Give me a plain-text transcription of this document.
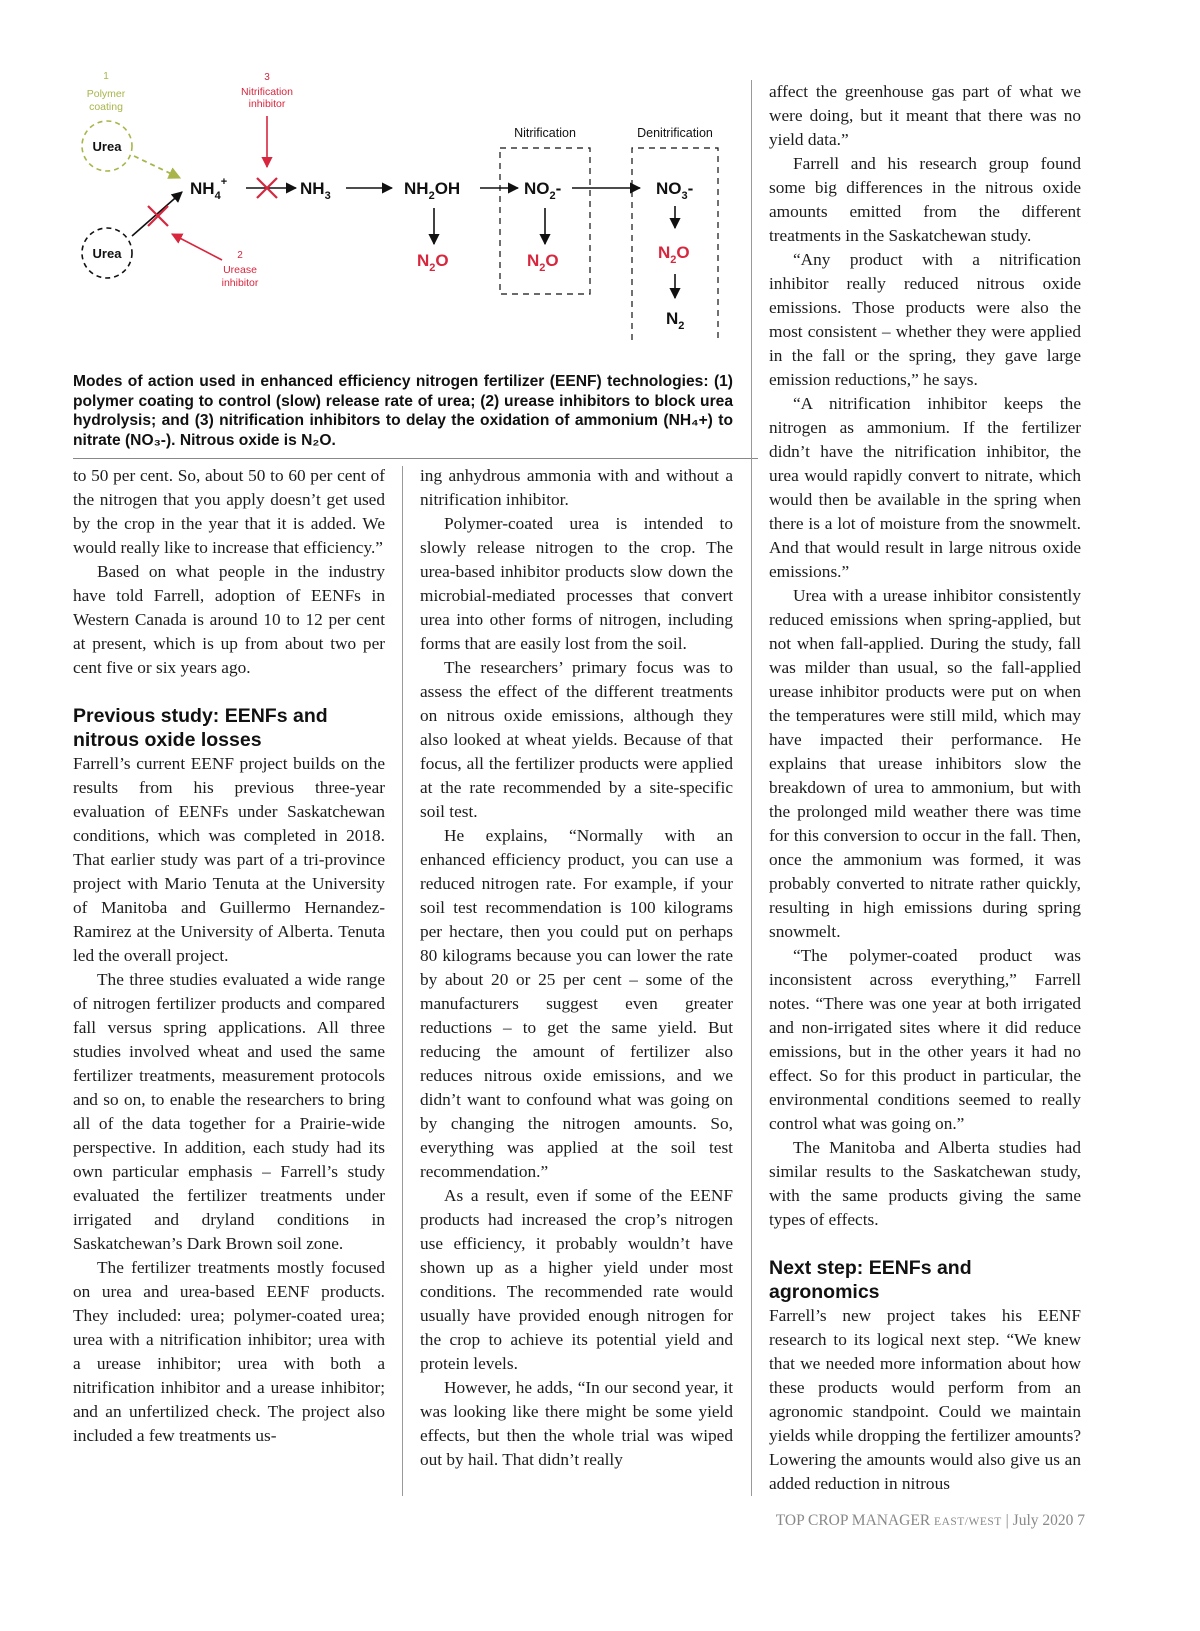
1
Polymer
coating
3
Nitrification
inhibitor
Urea
Urea	2
Urease
inhibitor
$NH_4^+$	$NH_3$	$NH_2OH$	$NO_2-$	$NO_3-$
Nitrification	Denitrification
$N_2O$	$N_2O$	$N_2O$
$N_2$
Modes of action used in enhanced efficiency nitrogen fertilizer (EENF) technologies: (1) polymer coating to control (slow) release rate of urea; (2) urease inhibitors to block urea hydrolysis; and (3) nitrification inhibitors to delay the oxidation of ammonium (NH₄+) to nitrate (NO₃-). Nitrous oxide is N₂O.

to 50 per cent. So, about 50 to 60 per cent of the nitrogen that you apply doesn’t get used by the crop in the year that it is added. We would really like to increase that efficiency.”

Based on what people in the industry have told Farrell, adoption of EENFs in Western Canada is around 10 to 12 per cent at present, which is up from about two per cent five or six years ago.

Previous study: EENFs and nitrous oxide losses

Farrell’s current EENF project builds on the results from his previous three-year evaluation of EENFs under Saskatchewan conditions, which was completed in 2018. That earlier study was part of a tri-province project with Mario Tenuta at the University of Manitoba and Guillermo Hernandez-Ramirez at the University of Alberta. Tenuta led the overall project.

The three studies evaluated a wide range of nitrogen fertilizer products and compared fall versus spring applications. All three studies involved wheat and used the same fertilizer treatments, measurement protocols and so on, to enable the researchers to bring all of the data together for a Prairie-wide perspective. In addition, each study had its own particular emphasis – Farrell’s study evaluated the fertilizer treatments under irrigated and dryland conditions in Saskatchewan’s Dark Brown soil zone.

The fertilizer treatments mostly focused on urea and urea-based EENF products. They included: urea; polymer-coated urea; urea with a nitrification inhibitor; urea with a urease inhibitor; urea with both a nitrification inhibitor and a urease inhibitor; and an unfertilized check. The project also included a few treatments us-

ing anhydrous ammonia with and without a nitrification inhibitor.

Polymer-coated urea is intended to slowly release nitrogen to the crop. The urea-based inhibitor products slow down the microbial-mediated processes that convert urea into other forms of nitrogen, including forms that are easily lost from the soil.

The researchers’ primary focus was to assess the effect of the different treatments on nitrous oxide emissions, although they also looked at wheat yields. Because of that focus, all the fertilizer products were applied at the rate recommended by a site-specific soil test.

He explains, “Normally with an enhanced efficiency product, you can use a reduced nitrogen rate. For example, if your soil test recommendation is 100 kilograms per hectare, then you could put on perhaps 80 kilograms because you can lower the rate by about 20 or 25 per cent – some of the manufacturers suggest even greater reductions – to get the same yield. But reducing the amount of fertilizer also reduces nitrous oxide emissions, and we didn’t want to confound what was going on by changing the nitrogen amounts. So, everything was applied at the soil test recommendation.”

As a result, even if some of the EENF products had increased the crop’s nitrogen use efficiency, it probably wouldn’t have shown up as a higher yield under most conditions. The recommended rate would usually have provided enough nitrogen for the crop to achieve its potential yield and protein levels.

However, he adds, “In our second year, it was looking like there might be some yield effects, but then the whole trial was wiped out by hail. That didn’t really

affect the greenhouse gas part of what we were doing, but it meant that there was no yield data.”

Farrell and his research group found some big differences in the nitrous oxide amounts emitted from the different treatments in the Saskatchewan study.

“Any product with a nitrification inhibitor really reduced nitrous oxide emissions. Those products were also the most consistent – whether they were applied in the fall or the spring, they gave large emission reductions,” he says.

“A nitrification inhibitor keeps the nitrogen as ammonium. If the fertilizer didn’t have the nitrification inhibitor, the urea would rapidly convert to nitrate, which would then be available in the spring when there is a lot of moisture from the snowmelt. And that would result in large nitrous oxide emissions.”

Urea with a urease inhibitor consistently reduced emissions when spring-applied, but not when fall-applied. During the study, fall was milder than usual, so the fall-applied urease inhibitor products were put on when the temperatures were still mild, which may have impacted their performance. He explains that urease inhibitors slow the breakdown of urea to ammonium, but with the prolonged mild weather there was time for this conversion to occur in the fall. Then, once the ammonium was formed, it was probably converted to nitrate rather quickly, resulting in high emissions during spring snowmelt.

“The polymer-coated product was inconsistent across everything,” Farrell notes. “There was one year at both irrigated and non-irrigated sites where it did reduce emissions, but in the other years it had no effect. So for this product in particular, the environmental conditions seemed to really control what was going on.”

The Manitoba and Alberta studies had similar results to the Saskatchewan study, with the same products giving the same types of effects.

Next step: EENFs and agronomics

Farrell’s new project takes his EENF research to its logical next step. “We knew that we needed more information about how these products would perform from an agronomic standpoint. Could we maintain yields while dropping the fertilizer amounts? Lowering the amounts would also give us an added reduction in nitrous

TOP CROP MANAGER EAST/WEST | July 2020 7
